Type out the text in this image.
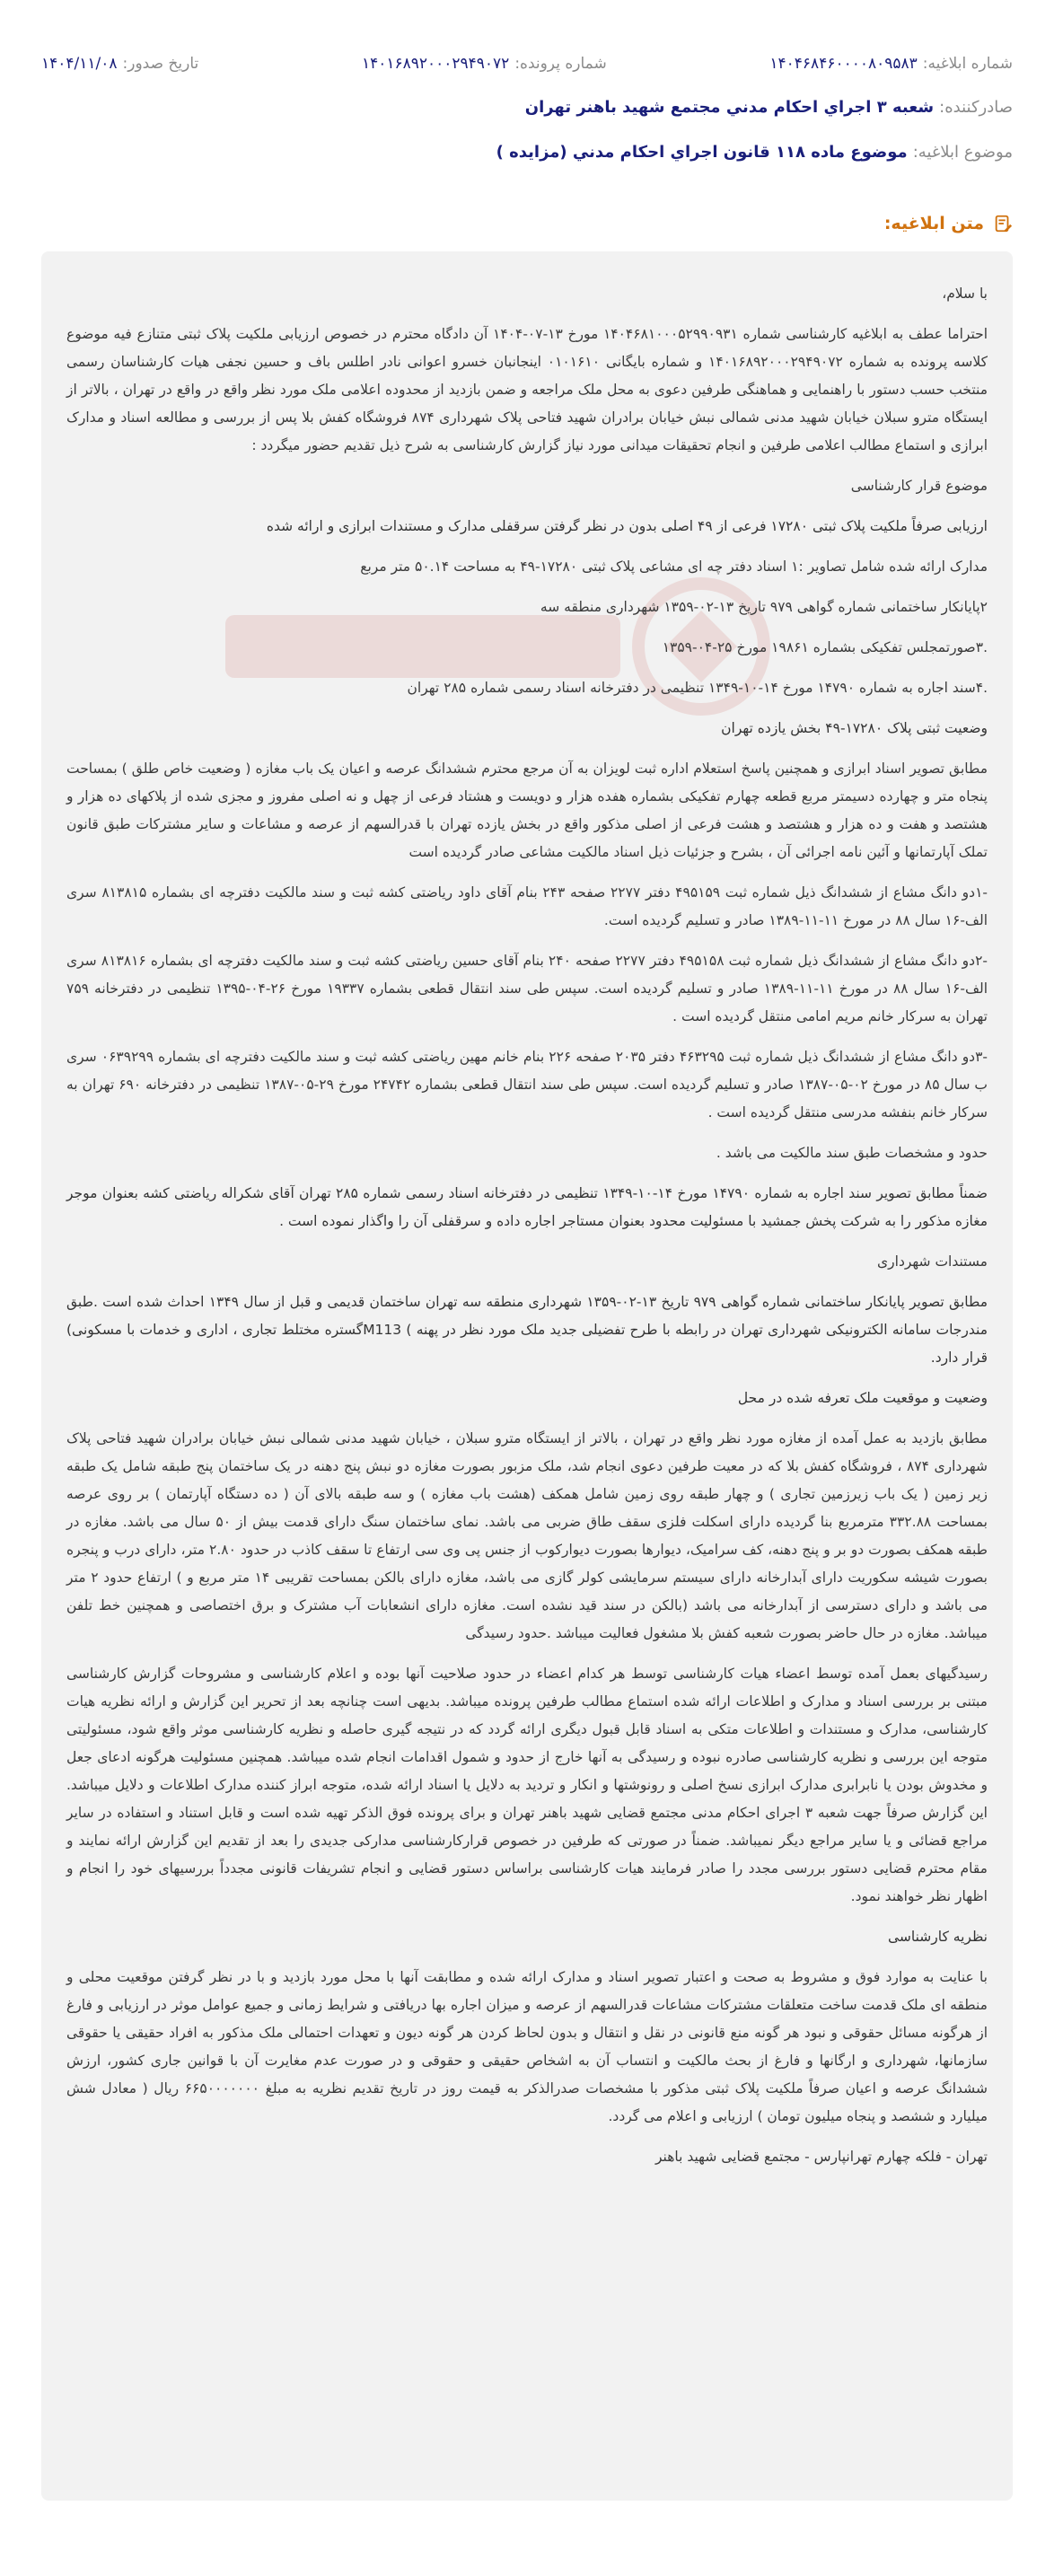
شماره ابلاغیه:
۱۴۰۴۶۸۴۶۰۰۰۰۸۰۹۵۸۳
شماره پرونده:
۱۴۰۱۶۸۹۲۰۰۰۲۹۴۹۰۷۲
تاریخ صدور:
۱۴۰۴/۱۱/۰۸
صادرکننده:
شعبه ۳ اجراي احكام مدني مجتمع شهيد باهنر تهران
موضوع ابلاغیه:
موضوع ماده ۱۱۸ قانون اجراي احكام مدني (مزايده )
متن ابلاغیه:

با سلام،

احتراما عطف به ابلاغیه کارشناسی شماره ۱۴۰۴۶۸۱۰۰۰۵۲۹۹۰۹۳۱ مورخ ۱۳-۰۷-۱۴۰۴ آن دادگاه محترم در خصوص ارزیابی ملکیت پلاک ثبتی متنازع فیه موضوع کلاسه پرونده به شماره ۱۴۰۱۶۸۹۲۰۰۰۲۹۴۹۰۷۲ و شماره بایگانی ۰۱۰۱۶۱۰ اینجانبان خسرو اعوانی نادر اطلس باف و حسین نجفی هیات کارشناسان رسمی منتخب حسب دستور با راهنمایی و هماهنگی طرفین دعوی به محل ملک مراجعه و ضمن بازدید از محدوده اعلامی ملک مورد نظر واقع در واقع در تهران ، بالاتر از ایستگاه مترو سبلان خیابان شهید مدنی شمالی نبش خیابان برادران شهید فتاحی پلاک شهرداری ۸۷۴ فروشگاه کفش بلا پس از بررسی و مطالعه اسناد و مدارک ابرازی و استماع مطالب اعلامی طرفین و انجام تحقیقات میدانی مورد نیاز گزارش کارشناسی به شرح ذیل تقدیم حضور میگردد :

موضوع قرار کارشناسی

ارزیابی صرفاً ملکیت پلاک ثبتی ۱۷۲۸۰ فرعی از ۴۹ اصلی بدون در نظر گرفتن سرقفلی مدارک و مستندات ابرازی و ارائه شده

مدارک ارائه شده شامل تصاویر :۱ اسناد دفتر چه ای مشاعی پلاک ثبتی ۱۷۲۸۰-۴۹ به مساحت ۵۰.۱۴ متر مربع

۲پایانکار ساختمانی شماره گواهی ۹۷۹ تاریخ ۱۳-۰۲-۱۳۵۹ شهرداری منطقه سه

.۳صورتمجلس تفکیکی بشماره ۱۹۸۶۱ مورخ ۲۵-۰۴-۱۳۵۹

.۴سند اجاره به شماره ۱۴۷۹۰ مورخ ۱۴-۱۰-۱۳۴۹ تنظیمی در دفترخانه اسناد رسمی شماره ۲۸۵ تهران

وضعیت ثبتی پلاک ۱۷۲۸۰-۴۹ بخش یازده تهران

مطابق تصویر اسناد ابرازی و همچنین پاسخ استعلام اداره ثبت لویزان به آن مرجع محترم ششدانگ عرصه و اعیان یک باب مغازه ( وضعیت خاص طلق ) بمساحت پنجاه متر و چهارده دسیمتر مربع قطعه چهارم تفکیکی بشماره هفده هزار و دویست و هشتاد فرعی از چهل و نه اصلی مفروز و مجزی شده از پلاکهای ده هزار و هشتصد و هفت و ده هزار و هشتصد و هشت فرعی از اصلی مذکور واقع در بخش یازده تهران با قدرالسهم از عرصه و مشاعات و سایر مشترکات طبق قانون تملک آپارتمانها و آئین نامه اجرائی آن ، بشرح و جزئیات ذیل اسناد مالکیت مشاعی صادر گردیده است

-۱دو دانگ مشاع از ششدانگ ذیل شماره ثبت ۴۹۵۱۵۹ دفتر ۲۲۷۷ صفحه ۲۴۳ بنام آقای داود ریاضتی کشه ثبت و سند مالکیت دفترچه ای بشماره ۸۱۳۸۱۵ سری الف-۱۶ سال ۸۸ در مورخ ۱۱-۱۱-۱۳۸۹ صادر و تسلیم گردیده است.

-۲دو دانگ مشاع از ششدانگ ذیل شماره ثبت ۴۹۵۱۵۸ دفتر ۲۲۷۷ صفحه ۲۴۰ بنام آقای حسین ریاضتی کشه ثبت و سند مالکیت دفترچه ای بشماره ۸۱۳۸۱۶ سری الف-۱۶ سال ۸۸ در مورخ ۱۱-۱۱-۱۳۸۹ صادر و تسلیم گردیده است. سپس طی سند انتقال قطعی بشماره ۱۹۳۳۷ مورخ ۲۶-۰۴-۱۳۹۵ تنظیمی در دفترخانه ۷۵۹ تهران به سرکار خانم مریم امامی منتقل گردیده است .

-۳دو دانگ مشاع از ششدانگ ذیل شماره ثبت ۴۶۳۲۹۵ دفتر ۲۰۳۵ صفحه ۲۲۶ بنام خانم مهین ریاضتی کشه ثبت و سند مالکیت دفترچه ای بشماره ۰۶۳۹۲۹۹ سری ب سال ۸۵ در مورخ ۰۲-۰۵-۱۳۸۷ صادر و تسلیم گردیده است. سپس طی سند انتقال قطعی بشماره ۲۴۷۴۲ مورخ ۲۹-۰۵-۱۳۸۷ تنظیمی در دفترخانه ۶۹۰ تهران به سرکار خانم بنفشه مدرسی منتقل گردیده است .

حدود و مشخصات طبق سند مالکیت می باشد .

ضمناً مطابق تصویر سند اجاره به شماره ۱۴۷۹۰ مورخ ۱۴-۱۰-۱۳۴۹ تنظیمی در دفترخانه اسناد رسمی شماره ۲۸۵ تهران آقای شکراله ریاضتی کشه بعنوان موجر مغازه مذکور را به شرکت پخش جمشید با مسئولیت محدود بعنوان مستاجر اجاره داده و سرقفلی آن را واگذار نموده است .

مستندات شهرداری

مطابق تصویر پایانکار ساختمانی شماره گواهی ۹۷۹ تاریخ ۱۳-۰۲-۱۳۵۹ شهرداری منطقه سه تهران ساختمان قدیمی و قبل از سال ۱۳۴۹ احداث شده است .طبق مندرجات سامانه الکترونیکی شهرداری تهران در رابطه با طرح تفضیلی جدید ملک مورد نظر در پهنه ) M113گستره مختلط تجاری ، اداری و خدمات با مسکونی) قرار دارد.

وضعیت و موقعیت ملک تعرفه شده در محل

مطابق بازدید به عمل آمده از مغازه مورد نظر واقع در تهران ، بالاتر از ایستگاه مترو سبلان ، خیابان شهید مدنی شمالی نبش خیابان برادران شهید فتاحی پلاک شهرداری ۸۷۴ ، فروشگاه کفش بلا که در معیت طرفین دعوی انجام شد، ملک مزبور بصورت مغازه دو نبش پنج دهنه در یک ساختمان پنج طبقه شامل یک طبقه زیر زمین ( یک باب زیرزمین تجاری ) و چهار طبقه روی زمین شامل همکف (هشت باب مغازه ) و سه طبقه بالای آن ( ده دستگاه آپارتمان ) بر روی عرصه بمساحت ۳۳۲.۸۸ مترمربع بنا گردیده دارای اسکلت فلزی سقف طاق ضربی می باشد. نمای ساختمان سنگ دارای قدمت بیش از ۵۰ سال می باشد. مغازه در طبقه همکف بصورت دو بر و پنج دهنه، کف سرامیک، دیوارها بصورت دیوارکوب از جنس پی وی سی ارتفاع تا سقف کاذب در حدود ۲.۸۰ متر، دارای درب و پنجره بصورت شیشه سکوریت دارای آبدارخانه دارای سیستم سرمایشی کولر گازی می باشد، مغازه دارای بالکن بمساحت تقریبی ۱۴ متر مربع و ) ارتفاع حدود ۲ متر می باشد و دارای دسترسی از آبدارخانه می باشد (بالکن در سند قید نشده است. مغازه دارای انشعابات آب مشترک و برق اختصاصی و همچنین خط تلفن میباشد. مغازه در حال حاضر بصورت شعبه کفش بلا مشغول فعالیت میباشد .حدود رسیدگی

رسیدگیهای بعمل آمده توسط اعضاء هیات کارشناسی توسط هر کدام اعضاء در حدود صلاحیت آنها بوده و اعلام کارشناسی و مشروحات گزارش کارشناسی مبتنی بر بررسی اسناد و مدارک و اطلاعات ارائه شده استماع مطالب طرفین پرونده میباشد. بدیهی است چنانچه بعد از تحریر این گزارش و ارائه نظریه هیات کارشناسی، مدارک و مستندات و اطلاعات متکی به اسناد قابل قبول دیگری ارائه گردد که در نتیجه گیری حاصله و نظریه کارشناسی موثر واقع شود، مسئولیتی متوجه این بررسی و نظریه کارشناسی صادره نبوده و رسیدگی به آنها خارج از حدود و شمول اقدامات انجام شده میباشد. همچنین مسئولیت هرگونه ادعای جعل و مخدوش بودن یا نابرابری مدارک ابرازی نسخ اصلی و رونوشتها و انکار و تردید به دلایل یا اسناد ارائه شده، متوجه ابراز کننده مدارک اطلاعات و دلایل میباشد. این گزارش صرفاً جهت شعبه ۳ اجرای احکام مدنی مجتمع قضایی شهید باهنر تهران و برای پرونده فوق الذکر تهیه شده است و قابل استناد و استفاده در سایر مراجع قضائی و یا سایر مراجع دیگر نمیباشد. ضمناً در صورتی که طرفین در خصوص قرارکارشناسی مدارکی جدیدی را بعد از تقدیم این گزارش ارائه نمایند و مقام محترم قضایی دستور بررسی مجدد را صادر فرمایند هیات کارشناسی براساس دستور قضایی و انجام تشریفات قانونی مجدداً بررسیهای خود را انجام و اظهار نظر خواهند نمود.

نظریه کارشناسی

با عنایت به موارد فوق و مشروط به صحت و اعتبار تصویر اسناد و مدارک ارائه شده و مطابقت آنها با محل مورد بازدید و با در نظر گرفتن موقعیت محلی و منطقه ای ملک قدمت ساخت متعلقات مشترکات مشاعات قدرالسهم از عرصه و میزان اجاره بها دریافتی و شرایط زمانی و جمیع عوامل موثر در ارزیابی و فارغ از هرگونه مسائل حقوقی و نبود هر گونه منع قانونی در نقل و انتقال و بدون لحاظ کردن هر گونه دیون و تعهدات احتمالی ملک مذکور به افراد حقیقی یا حقوقی سازمانها، شهرداری و ارگانها و فارغ از بحث مالکیت و انتساب آن به اشخاص حقیقی و حقوقی و در صورت عدم مغایرت آن با قوانین جاری کشور، ارزش ششدانگ عرصه و اعیان صرفاً ملکیت پلاک ثبتی مذکور با مشخصات صدرالذکر به قیمت روز در تاریخ تقدیم نظریه به مبلغ ۶۶۵۰۰۰۰۰۰۰ ریال ( معادل شش میلیارد و ششصد و پنجاه میلیون تومان ) ارزیابی و اعلام می گردد.

تهران - فلکه چهارم تهرانپارس - مجتمع قضایی شهید باهنر
